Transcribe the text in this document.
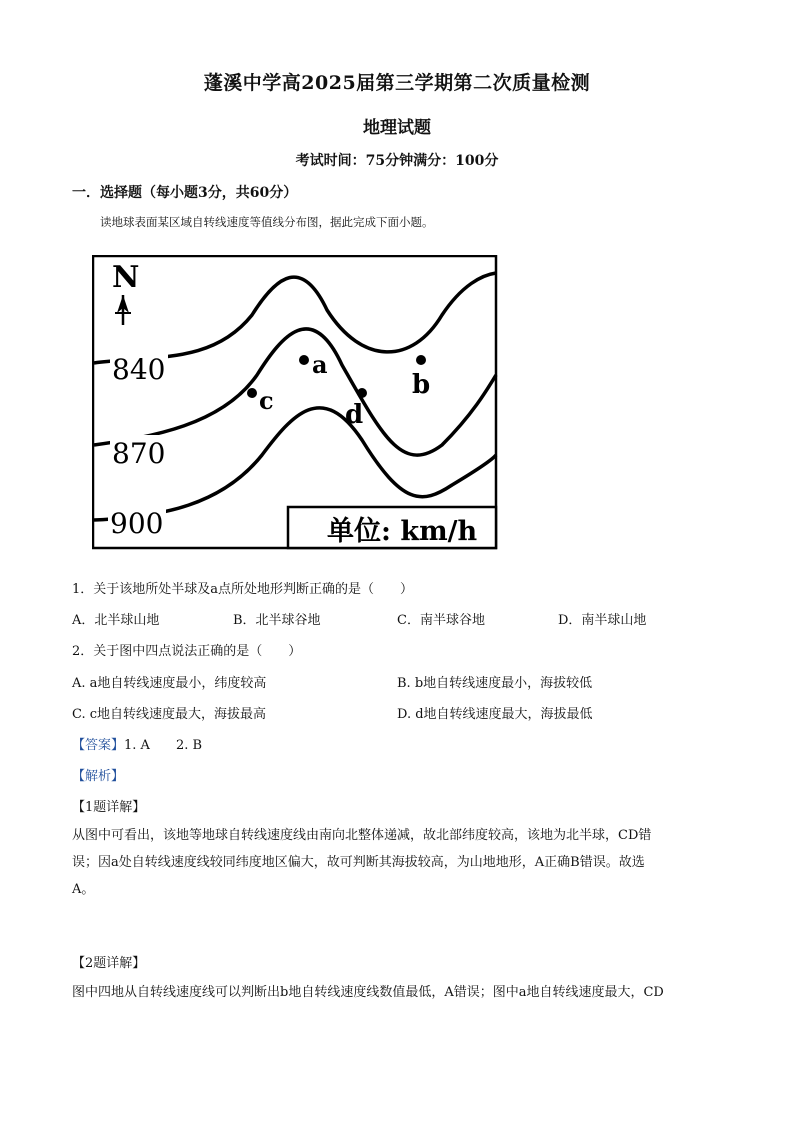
蓬溪中学高2025届第三学期第二次质量检测
地理试题
考试时间：75分钟满分：100分
一．选择题（每小题3分，共60分）
读地球表面某区域自转线速度等值线分布图，据此完成下面小题。
N
840
870
900
a
b
c	d
单位: km/h
1．关于该地所处半球及a点所处地形判断正确的是（　　）
A．北半球山地	B．北半球谷地	C．南半球谷地	D．南半球山地
2．关于图中四点说法正确的是（　　）
A. a地自转线速度最小，纬度较高	B. b地自转线速度最小，海拔较低
C. c地自转线速度最大，海拔最高	D. d地自转线速度最大，海拔最低
【答案】1. A　　2. B
【解析】
【1题详解】
从图中可看出，该地等地球自转线速度线由南向北整体递减，故北部纬度较高，该地为北半球，CD错
误；因a处自转线速度线较同纬度地区偏大，故可判断其海拔较高，为山地地形，A正确B错误。故选
A。
【2题详解】
图中四地从自转线速度线可以判断出b地自转线速度线数值最低，A错误；图中a地自转线速度最大，CD
